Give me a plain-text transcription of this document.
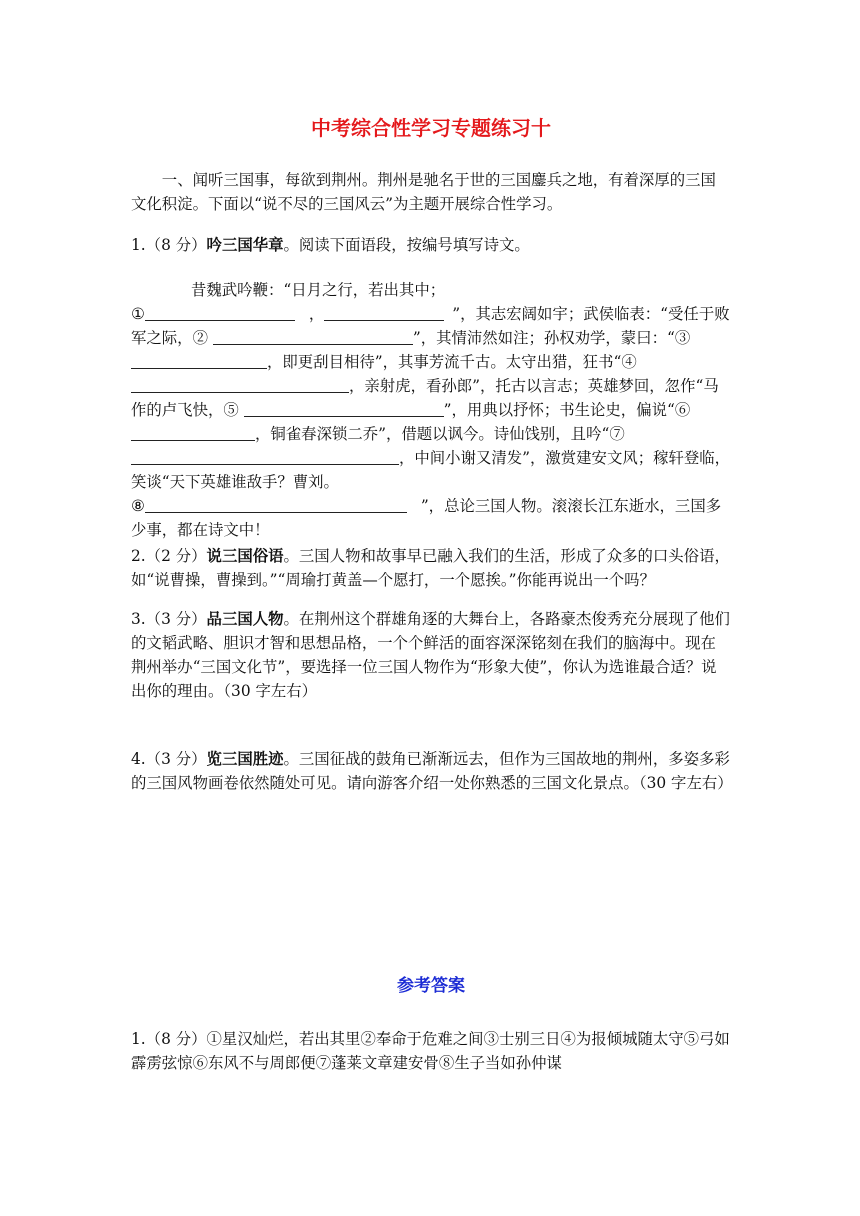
中考综合性学习专题练习十

一、闻听三国事，每欲到荆州。荆州是驰名于世的三国鏖兵之地，有着深厚的三国文化积淀。下面以“说不尽的三国风云”为主题开展综合性学习。

1.（8 分）吟三国华章。阅读下面语段，按编号填写诗文。

昔魏武吟鞭：“日月之行，若出其中；
①	，	”，其志宏阔如宇；武侯临表：“受任于败军之际，②	”，其情沛然如注；孙权劝学，蒙曰：“③，即更刮目相待”，其事芳流千古。太守出猎，狂书“④ ，亲射虎，看孙郎”，托古以言志；英雄梦回，忽作“马作的卢飞快，⑤	”，用典以抒怀；书生论史，偏说“⑥ ，铜雀春深锁二乔”，借题以讽今。诗仙饯别，且吟“⑦ ，中间小谢又清发”，激赏建安文风；稼轩登临，笑谈“天下英雄谁敌手？曹刘。
⑧	”，总论三国人物。滚滚长江东逝水，三国多少事，都在诗文中！

2.（2 分）说三国俗语。三国人物和故事早已融入我们的生活，形成了众多的口头俗语，如“说曹操，曹操到。”“周瑜打黄盖—个愿打，一个愿挨。”你能再说出一个吗？

3.（3 分）品三国人物。在荆州这个群雄角逐的大舞台上，各路豪杰俊秀充分展现了他们的文韬武略、胆识才智和思想品格，一个个鲜活的面容深深铭刻在我们的脑海中。现在荆州举办“三国文化节”，要选择一位三国人物作为“形象大使”，你认为选谁最合适？说出你的理由。（30 字左右）

4.（3 分）览三国胜迹。三国征战的鼓角已渐渐远去，但作为三国故地的荆州，多姿多彩的三国风物画卷依然随处可见。请向游客介绍一处你熟悉的三国文化景点。（30 字左右）

参考答案

1.（8 分）①星汉灿烂，若出其里②奉命于危难之间③士别三日④为报倾城随太守⑤弓如霹雳弦惊⑥东风不与周郎便⑦蓬莱文章建安骨⑧生子当如孙仲谋
